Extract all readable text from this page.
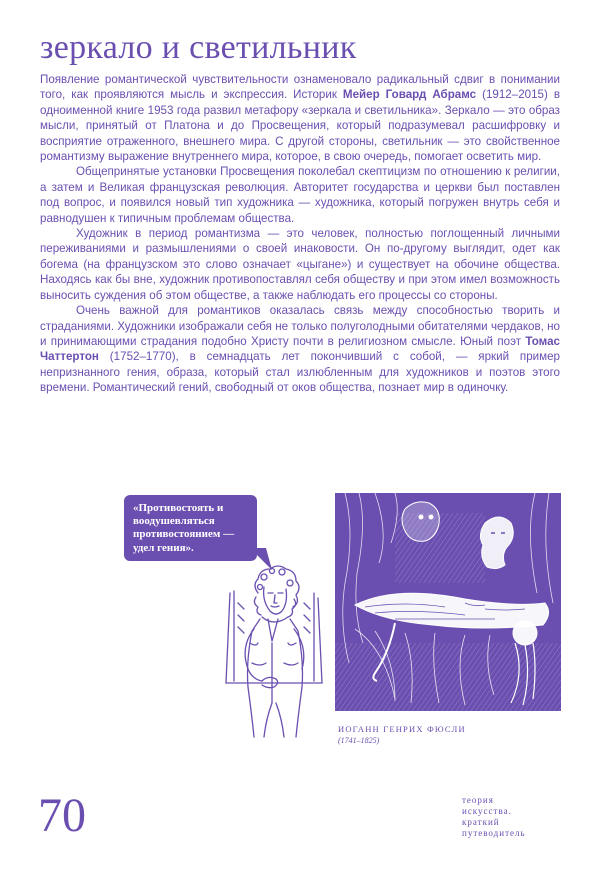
зеркало и светильник

Появление романтической чувствительности ознаменовало радикальный сдвиг в понимании того, как проявляются мысль и экспрессия. Историк Мейер Говард Абрамс (1912–2015) в одноименной книге 1953 года развил метафору «зеркала и светильника». Зеркало — это образ мысли, принятый от Платона и до Просвещения, который подразумевал расшифровку и восприятие отраженного, внешнего мира. С другой стороны, светильник — это свойственное романтизму выражение внутреннего мира, которое, в свою очередь, помогает осветить мир.

Общепринятые установки Просвещения поколебал скептицизм по отношению к религии, а затем и Великая французская революция. Авторитет государства и церкви был поставлен под вопрос, и появился новый тип художника — художника, который погружен внутрь себя и равнодушен к типичным проблемам общества.

Художник в период романтизма — это человек, полностью поглощенный личными переживаниями и размышлениями о своей инаковости. Он по-другому выглядит, одет как богема (на французском это слово означает «цыгане») и существует на обочине общества. Находясь как бы вне, художник противопоставлял себя обществу и при этом имел возможность выносить суждения об этом обществе, а также наблюдать его процессы со стороны.

Очень важной для романтиков оказалась связь между способностью творить и страданиями. Художники изображали себя не только полуголодными обитателями чердаков, но и принимающими страдания подобно Христу почти в религиозном смысле. Юный поэт Томас Чаттертон (1752–1770), в семнадцать лет покончивший с собой, — яркий пример непризнанного гения, образа, который стал излюбленным для художников и поэтов этого времени. Романтический гений, свободный от оков общества, познает мир в одиночку.

«Противостоять и воодушевляться противостоянием — удел гения».
ИОГАНН ГЕНРИХ ФЮСЛИ
(1741–1825)
70	теория
искусства.
краткий
путеводитель
